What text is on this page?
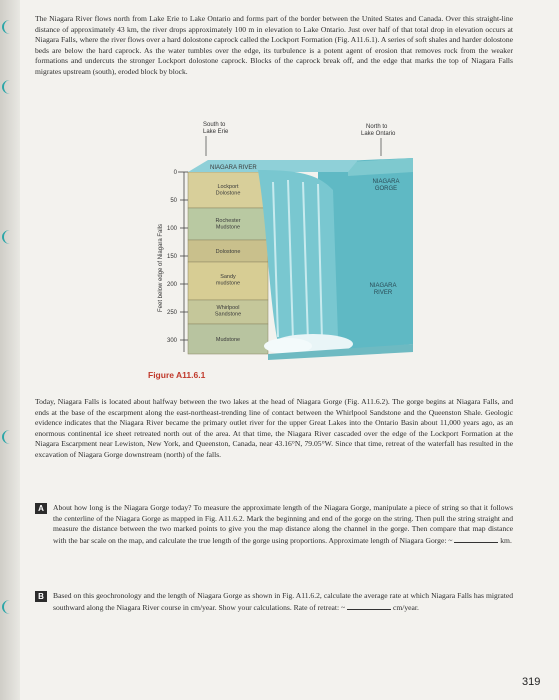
The Niagara River flows north from Lake Erie to Lake Ontario and forms part of the border between the United States and Canada. Over this straight-line distance of approximately 43 km, the river drops approximately 100 m in elevation to Lake Ontario. Just over half of that total drop in elevation occurs at Niagara Falls, where the river flows over a hard dolostone caprock called the Lockport Formation (Fig. A11.6.1). A series of soft shales and harder dolostone beds are below the hard caprock. As the water tumbles over the edge, its turbulence is a potent agent of erosion that removes rock from the weaker formations and undercuts the stronger Lockport dolostone caprock. Blocks of the caprock break off, and the edge that marks the top of Niagara Falls migrates upstream (south), eroded block by block.
South to Lake Erie
North to Lake Ontario
0
50
100
150
200
250
300
Feet below edge of Niagara Falls
NIAGARA RIVER
Lockport Dolostone
Rochester Mudstone
Dolostone
Sandy mudstone
Whirlpool Sandstone
Mudstone
NIAGARA GORGE
NIAGARA RIVER
Figure A11.6.1
Today, Niagara Falls is located about halfway between the two lakes at the head of Niagara Gorge (Fig. A11.6.2). The gorge begins at Niagara Falls, and ends at the base of the escarpment along the east-northeast-trending line of contact between the Whirlpool Sandstone and the Queenston Shale. Geologic evidence indicates that the Niagara River became the primary outlet river for the upper Great Lakes into the Ontario Basin about 11,000 years ago, as an enormous continental ice sheet retreated north out of the area. At that time, the Niagara River cascaded over the edge of the Lockport Formation at the Niagara Escarpment near Lewiston, New York, and Queenston, Canada, near 43.16°N, 79.05°W. Since that time, retreat of the waterfall has resulted in the excavation of Niagara Gorge downstream (north) of the falls.
A	About how long is the Niagara Gorge today? To measure the approximate length of the Niagara Gorge, manipulate a piece of string so that it follows the centerline of the Niagara Gorge as mapped in Fig. A11.6.2. Mark the beginning and end of the gorge on the string. Then pull the string straight and measure the distance between the two marked points to give you the map distance along the channel in the gorge. Then compare that map distance with the bar scale on the map, and calculate the true length of the gorge using proportions. Approximate length of Niagara Gorge: ~	km.
B	Based on this geochronology and the length of Niagara Gorge as shown in Fig. A11.6.2, calculate the average rate at which Niagara Falls has migrated southward along the Niagara River course in cm/year. Show your calculations. Rate of retreat: ~	cm/year.
319
